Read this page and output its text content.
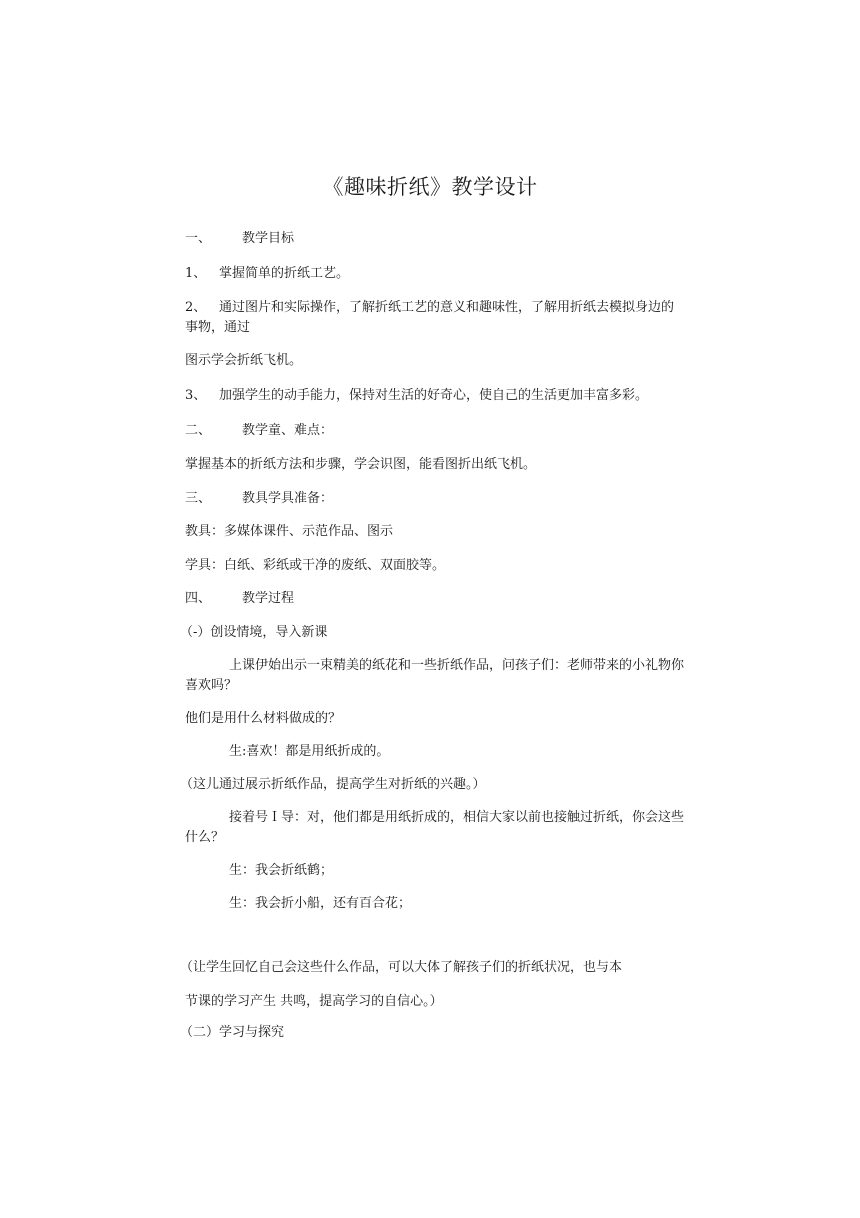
《趣味折纸》教学设计
一、 教学目标
1、 掌握简单的折纸工艺。
2、 通过图片和实际操作，了解折纸工艺的意义和趣味性，了解用折纸去模拟身边的事物，通过
图示学会折纸飞机。
3、 加强学生的动手能力，保持对生活的好奇心，使自己的生活更加丰富多彩。
二、 教学童、难点：
掌握基本的折纸方法和步骤，学会识图，能看图折出纸飞机。
三、 教具学具准备：
教具：多媒体课件、示范作品、图示
学具：白纸、彩纸或干净的废纸、双面胶等。
四、 教学过程
（-）创设情境，导入新课
上课伊始出示一束精美的纸花和一些折纸作品，问孩子们：老师带来的小礼物你喜欢吗？
他们是用什么材料做成的？
生:喜欢！都是用纸折成的。
（这儿通过展示折纸作品，提高学生对折纸的兴趣。）
接着号Ｉ导：对，他们都是用纸折成的，相信大家以前也接触过折纸，你会这些什么？
生：我会折纸鹤；
生：我会折小船，还有百合花；
（让学生回忆自己会这些什么作品，可以大体了解孩子们的折纸状况，也与本
节课的学习产生 共鸣，提高学习的自信心。）
（二）学习与探究
